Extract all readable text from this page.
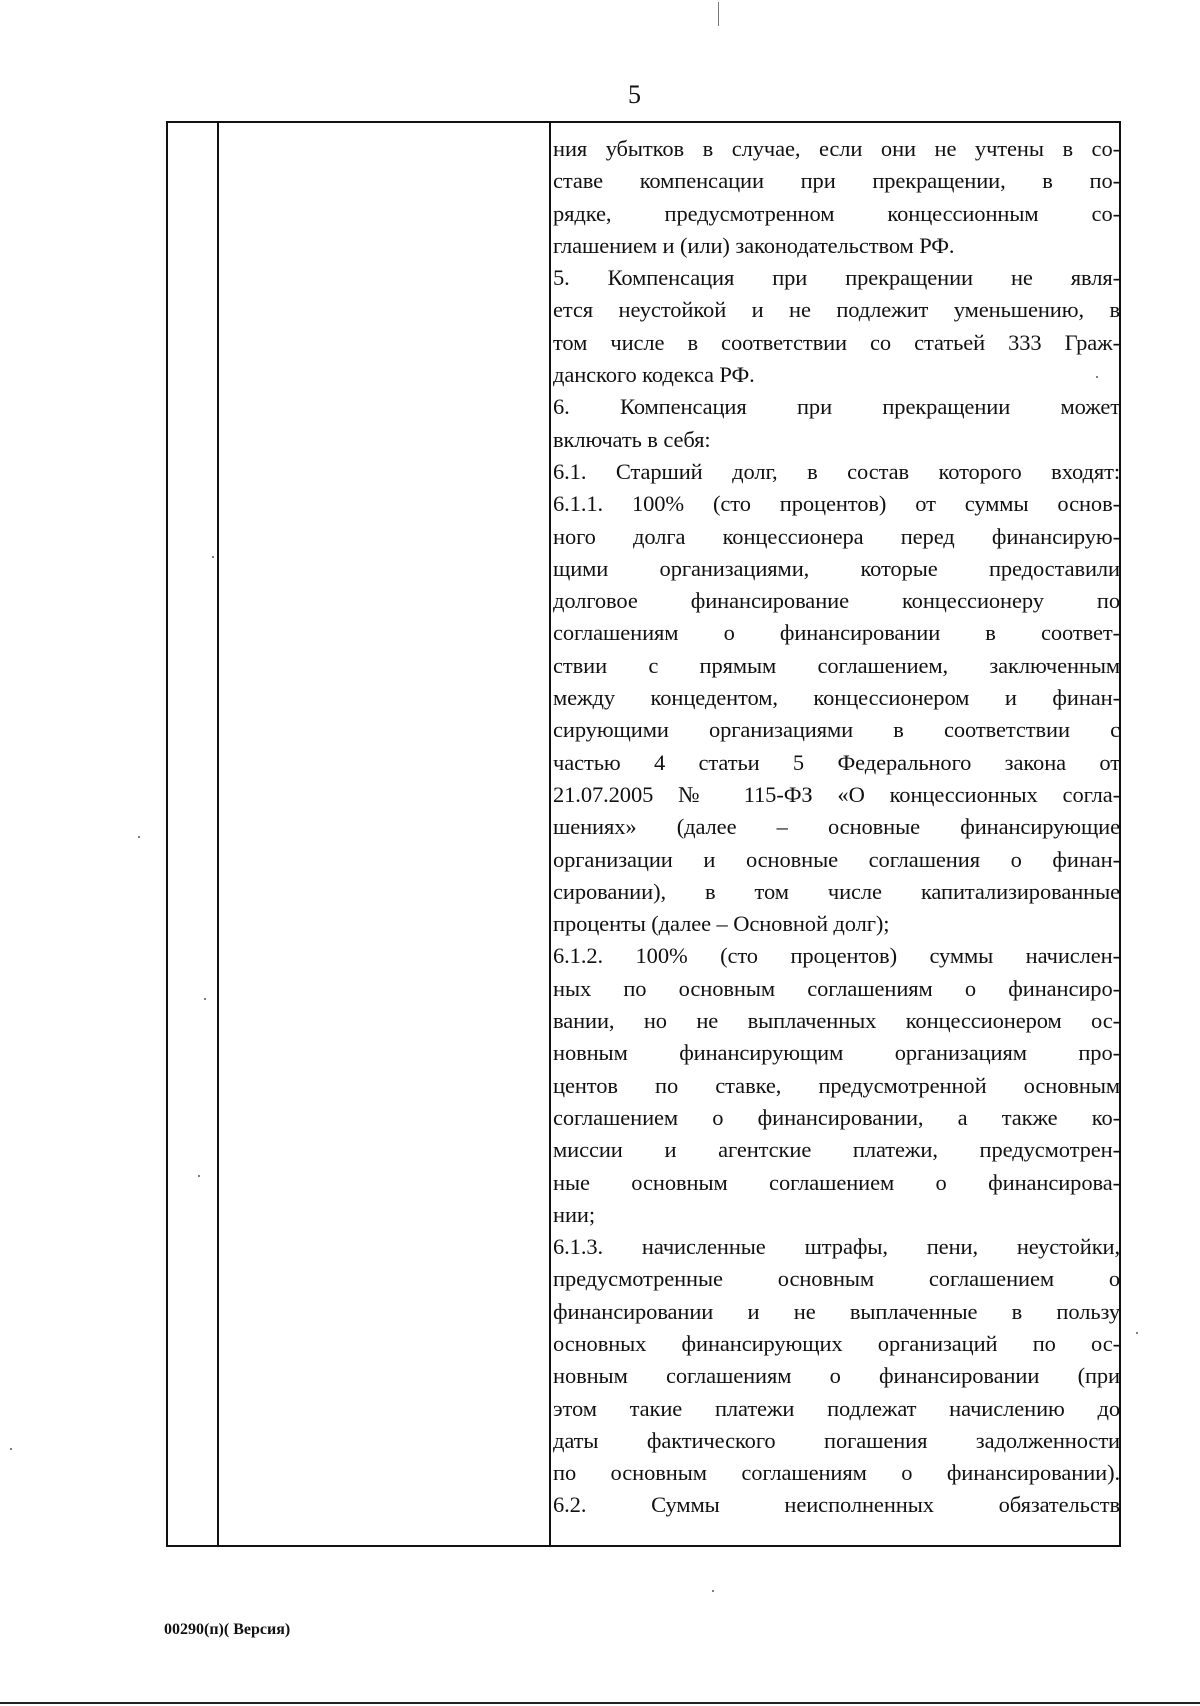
5
ния убытков в случае, если они не учтены в со-
ставе компенсации при прекращении, в по-
рядке, предусмотренном концессионным со-
глашением и (или) законодательством РФ.
5. Компенсация при прекращении не явля-
ется неустойкой и не подлежит уменьшению, в
том числе в соответствии со статьей 333 Граж-
данского кодекса РФ.
6. Компенсация при прекращении может
включать в себя:
6.1. Старший долг, в состав которого входят:
6.1.1. 100% (сто процентов) от суммы основ-
ного долга концессионера перед финансирую-
щими организациями, которые предоставили
долговое финансирование концессионеру по
соглашениям о финансировании в соответ-
ствии с прямым соглашением, заключенным
между концедентом, концессионером и финан-
сирующими организациями в соответствии с
частью 4 статьи 5 Федерального закона от
21.07.2005 № 115-ФЗ «О концессионных согла-
шениях» (далее – основные финансирующие
организации и основные соглашения о финан-
сировании), в том числе капитализированные
проценты (далее – Основной долг);
6.1.2. 100% (сто процентов) суммы начислен-
ных по основным соглашениям о финансиро-
вании, но не выплаченных концессионером ос-
новным финансирующим организациям про-
центов по ставке, предусмотренной основным
соглашением о финансировании, а также ко-
миссии и агентские платежи, предусмотрен-
ные основным соглашением о финансирова-
нии;
6.1.3. начисленные штрафы, пени, неустойки,
предусмотренные основным соглашением о
финансировании и не выплаченные в пользу
основных финансирующих организаций по ос-
новным соглашениям о финансировании (при
этом такие платежи подлежат начислению до
даты фактического погашения задолженности
по основным соглашениям о финансировании).
6.2. Суммы неисполненных обязательств
00290(п)( Версия)
